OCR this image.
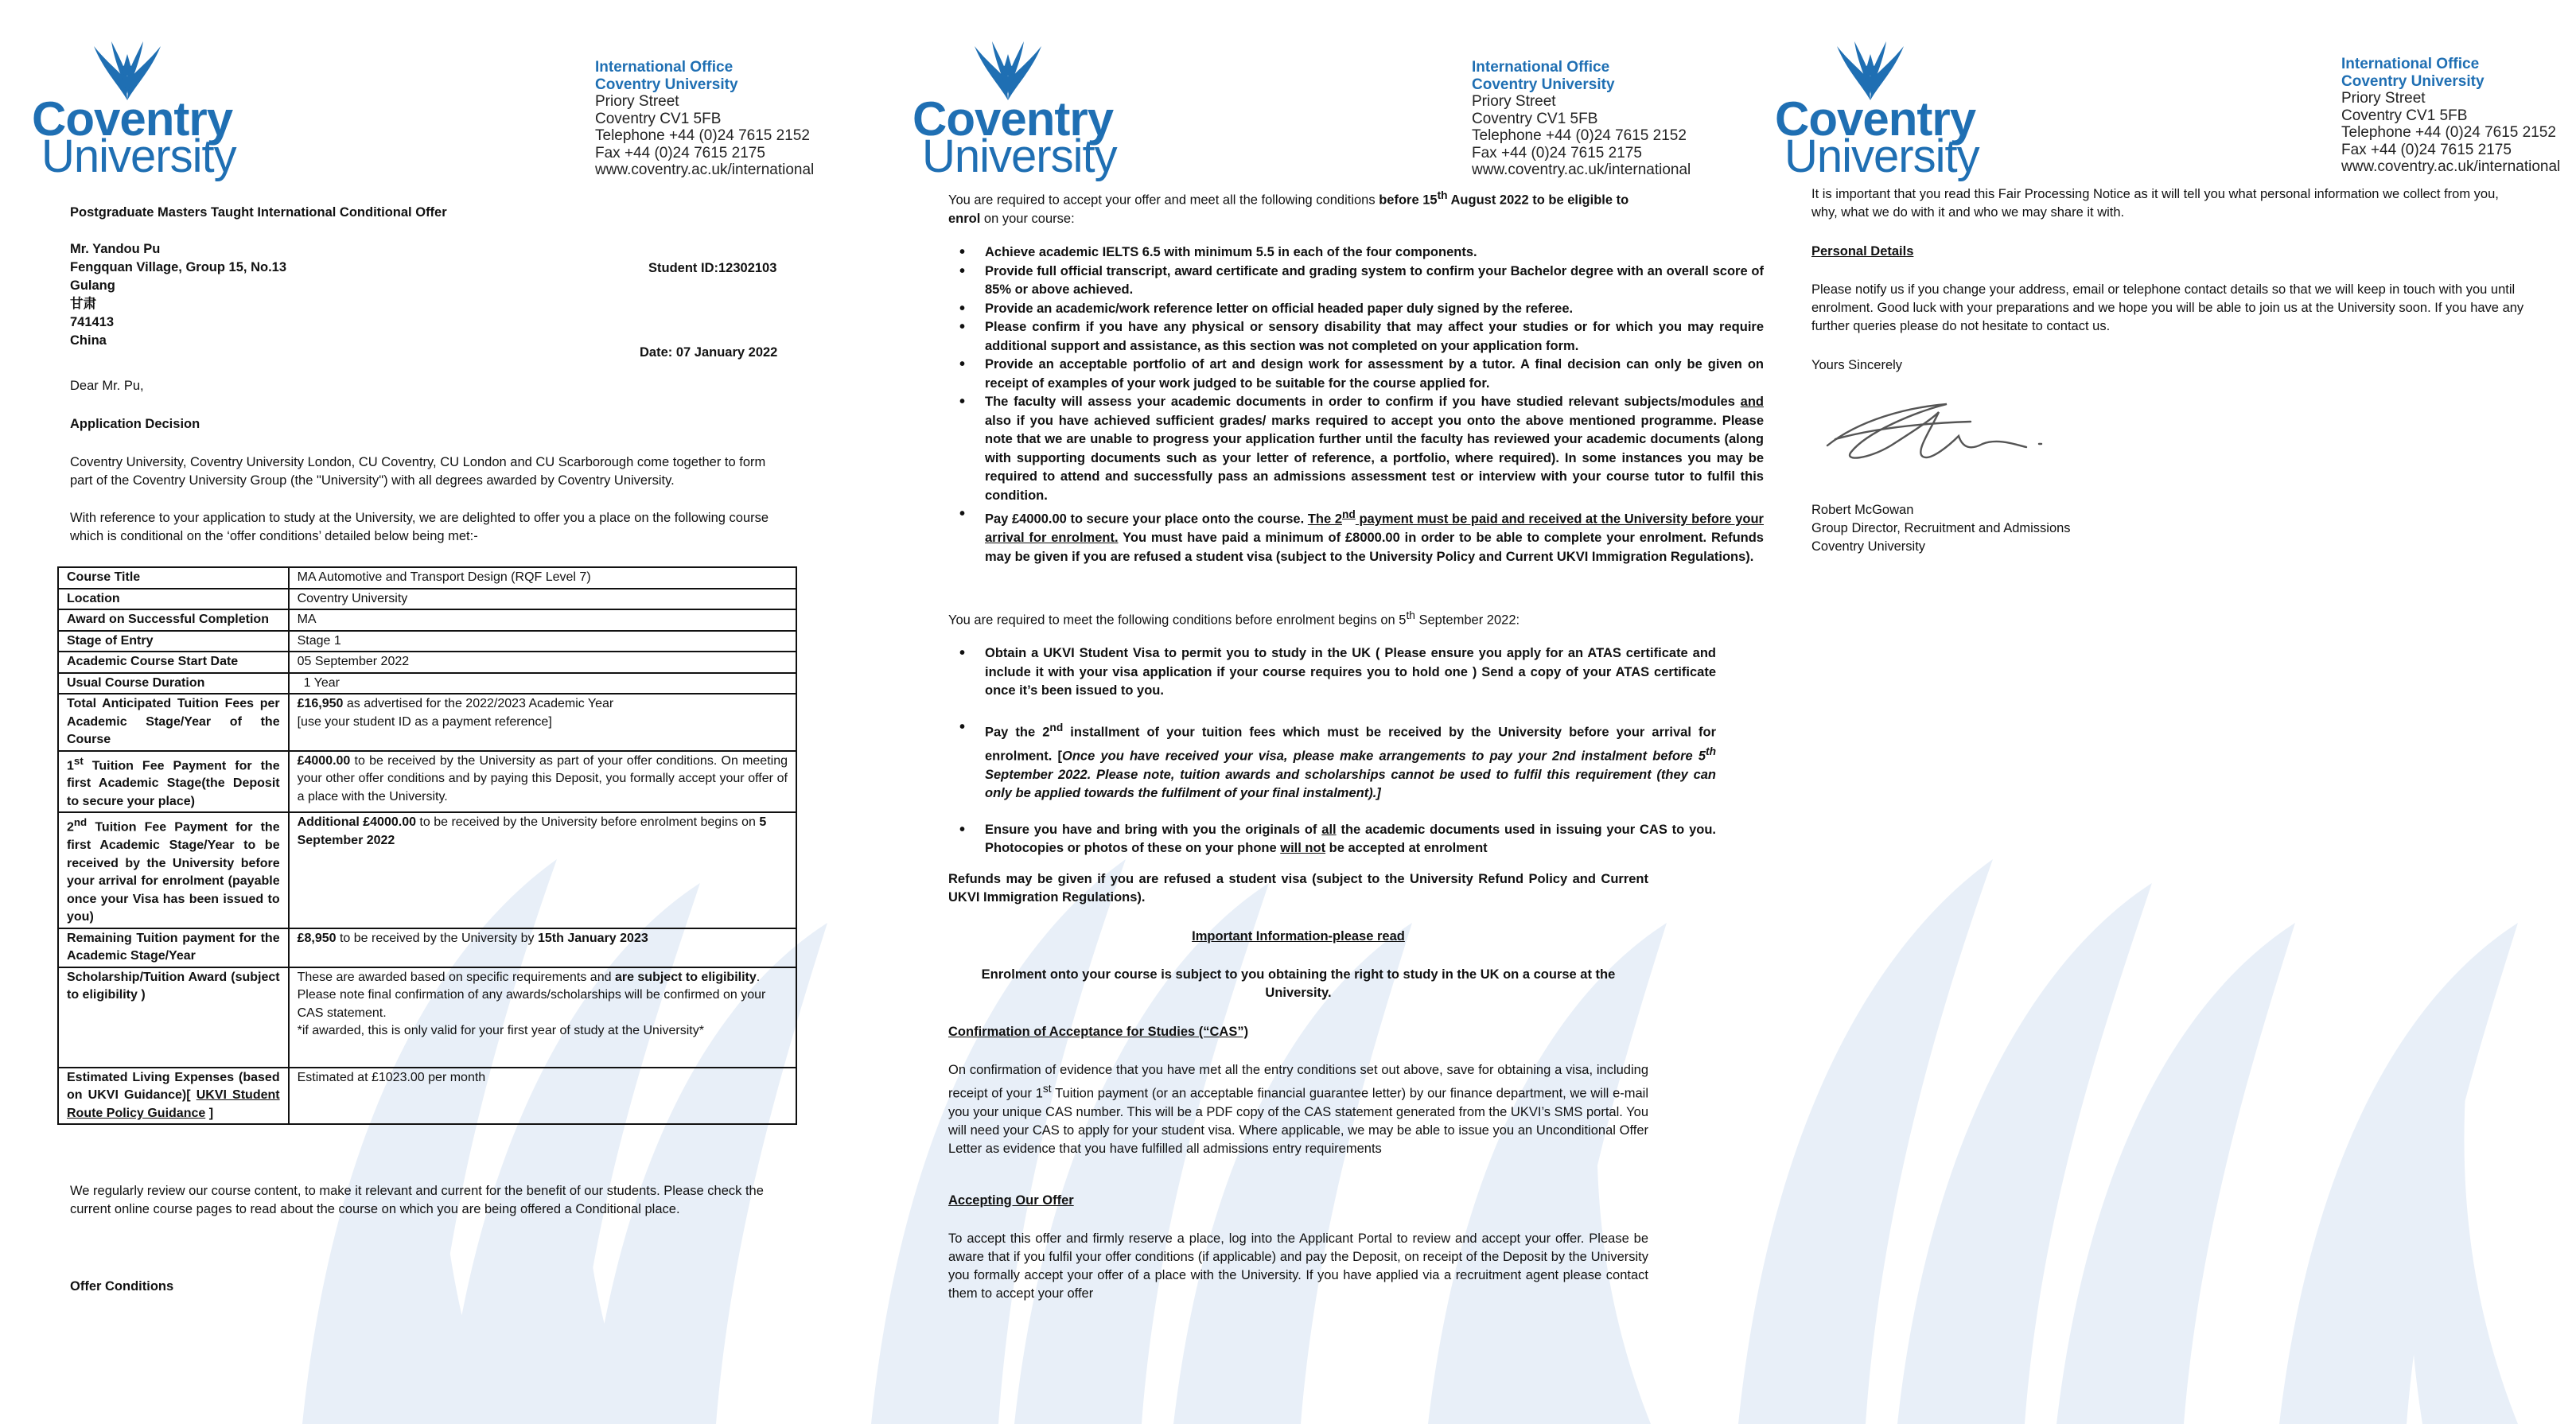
Coventry
University
International Office
Coventry University
Priory Street
Coventry CV1 5FB
Telephone +44 (0)24 7615 2152
Fax +44 (0)24 7615 2175
www.coventry.ac.uk/international
Postgraduate Masters Taught International Conditional Offer
Mr. Yandou Pu
Fengquan Village, Group 15, No.13
Gulang
甘肃
741413
China
Student ID:12302103
Date: 07 January 2022
Dear Mr. Pu,
Application Decision
Coventry University, Coventry University London, CU Coventry, CU London and CU Scarborough come together to form part of the Coventry University Group (the "University") with all degrees awarded by Coventry University.
With reference to your application to study at the University, we are delighted to offer you a place on the following course which is conditional on the ‘offer conditions’ detailed below being met:-
Course Title	MA Automotive and Transport Design (RQF Level 7)
Location	Coventry University
Award on Successful Completion	MA
Stage of Entry	Stage 1
Academic Course Start Date	05 September 2022
Usual Course Duration	1 Year
Total Anticipated Tuition Fees per Academic Stage/Year of the Course	£16,950 as advertised for the 2022/2023 Academic Year
[use your student ID as a payment reference]
1st Tuition Fee Payment for the first Academic Stage(the Deposit to secure your place)	£4000.00 to be received by the University as part of your offer conditions. On meeting your other offer conditions and by paying this Deposit, you formally accept your offer of a place with the University.
2nd Tuition Fee Payment for the first Academic Stage/Year to be received by the University before your arrival for enrolment (payable once your Visa has been issued to you)	Additional £4000.00 to be received by the University before enrolment begins on 5 September 2022
Remaining Tuition payment for the Academic Stage/Year	£8,950 to be received by the University by 15th January 2023
Scholarship/Tuition Award (subject to eligibility )	These are awarded based on specific requirements and are subject to eligibility. Please note final confirmation of any awards/scholarships will be confirmed on your CAS statement.
*if awarded, this is only valid for your first year of study at the University*
Estimated Living Expenses (based on UKVI Guidance)[ UKVI Student Route Policy Guidance ]	Estimated at £1023.00 per month
We regularly review our course content, to make it relevant and current for the benefit of our students. Please check the current online course pages to read about the course on which you are being offered a Conditional place.
Offer Conditions
Coventry
University
International Office
Coventry University
Priory Street
Coventry CV1 5FB
Telephone +44 (0)24 7615 2152
Fax +44 (0)24 7615 2175
www.coventry.ac.uk/international
You are required to accept your offer and meet all the following conditions before 15th August 2022 to be eligible to enrol on your course:
• Achieve academic IELTS 6.5 with minimum 5.5 in each of the four components.
• Provide full official transcript, award certificate and grading system to confirm your Bachelor degree with an overall score of 85% or above achieved.
• Provide an academic/work reference letter on official headed paper duly signed by the referee.
• Please confirm if you have any physical or sensory disability that may affect your studies or for which you may require additional support and assistance, as this section was not completed on your application form.
• Provide an acceptable portfolio of art and design work for assessment by a tutor. A final decision can only be given on receipt of examples of your work judged to be suitable for the course applied for.
• The faculty will assess your academic documents in order to confirm if you have studied relevant subjects/modules and also if you have achieved sufficient grades/ marks required to accept you onto the above mentioned programme. Please note that we are unable to progress your application further until the faculty has reviewed your academic documents (along with supporting documents such as your letter of reference, a portfolio, where required). In some instances you may be required to attend and successfully pass an admissions assessment test or interview with your course tutor to fulfil this condition.
• Pay £4000.00 to secure your place onto the course. The 2nd payment must be paid and received at the University before your arrival for enrolment. You must have paid a minimum of £8000.00 in order to be able to complete your enrolment. Refunds may be given if you are refused a student visa (subject to the University Policy and Current UKVI Immigration Regulations).
You are required to meet the following conditions before enrolment begins on 5th September 2022:
• Obtain a UKVI Student Visa to permit you to study in the UK ( Please ensure you apply for an ATAS certificate and include it with your visa application if your course requires you to hold one ) Send a copy of your ATAS certificate once it’s been issued to you.
• Pay the 2nd installment of your tuition fees which must be received by the University before your arrival for enrolment. [Once you have received your visa, please make arrangements to pay your 2nd instalment before 5th September 2022. Please note, tuition awards and scholarships cannot be used to fulfil this requirement (they can only be applied towards the fulfilment of your final instalment).]
• Ensure you have and bring with you the originals of all the academic documents used in issuing your CAS to you. Photocopies or photos of these on your phone will not be accepted at enrolment
Refunds may be given if you are refused a student visa (subject to the University Refund Policy and Current UKVI Immigration Regulations).
Important Information-please read
Enrolment onto your course is subject to you obtaining the right to study in the UK on a course at the University.
Confirmation of Acceptance for Studies (“CAS”)
On confirmation of evidence that you have met all the entry conditions set out above, save for obtaining a visa, including receipt of your 1st Tuition payment (or an acceptable financial guarantee letter) by our finance department, we will e-mail you your unique CAS number. This will be a PDF copy of the CAS statement generated from the UKVI’s SMS portal. You will need your CAS to apply for your student visa. Where applicable, we may be able to issue you an Unconditional Offer Letter as evidence that you have fulfilled all admissions entry requirements
Accepting Our Offer
To accept this offer and firmly reserve a place, log into the Applicant Portal to review and accept your offer. Please be aware that if you fulfil your offer conditions (if applicable) and pay the Deposit, on receipt of the Deposit by the University you formally accept your offer of a place with the University. If you have applied via a recruitment agent please contact them to accept your offer
Coventry
University
International Office
Coventry University
Priory Street
Coventry CV1 5FB
Telephone +44 (0)24 7615 2152
Fax +44 (0)24 7615 2175
www.coventry.ac.uk/international
It is important that you read this Fair Processing Notice as it will tell you what personal information we collect from you, why, what we do with it and who we may share it with.
Personal Details
Please notify us if you change your address, email or telephone contact details so that we will keep in touch with you until enrolment. Good luck with your preparations and we hope you will be able to join us at the University soon. If you have any further queries please do not hesitate to contact us.
Yours Sincerely
Robert McGowan
Group Director, Recruitment and Admissions
Coventry University
